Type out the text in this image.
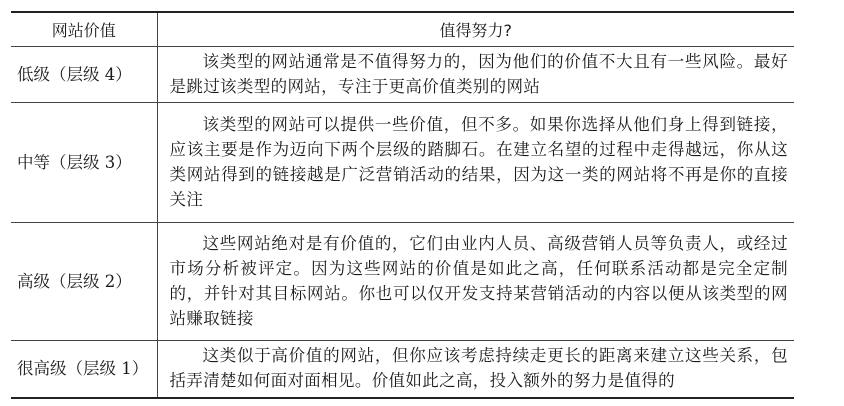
网站价值	值得努力?
低级（层级 4）	该类型的网站通常是不值得努力的，因为他们的价值不大且有一些风险。最好是跳过该类型的网站，专注于更高价值类别的网站

中等（层级 3）	该类型的网站可以提供一些价值，但不多。如果你选择从他们身上得到链接，应该主要是作为迈向下两个层级的踏脚石。在建立名望的过程中走得越远，你从这类网站得到的链接越是广泛营销活动的结果，因为这一类的网站将不再是你的直接关注

高级（层级 2）	这些网站绝对是有价值的，它们由业内人员、高级营销人员等负责人，或经过市场分析被评定。因为这些网站的价值是如此之高，任何联系活动都是完全定制的，并针对其目标网站。你也可以仅开发支持某营销活动的内容以便从该类型的网站赚取链接

很高级（层级 1）	这类似于高价值的网站，但你应该考虑持续走更长的距离来建立这些关系，包括弄清楚如何面对面相见。价值如此之高，投入额外的努力是值得的
